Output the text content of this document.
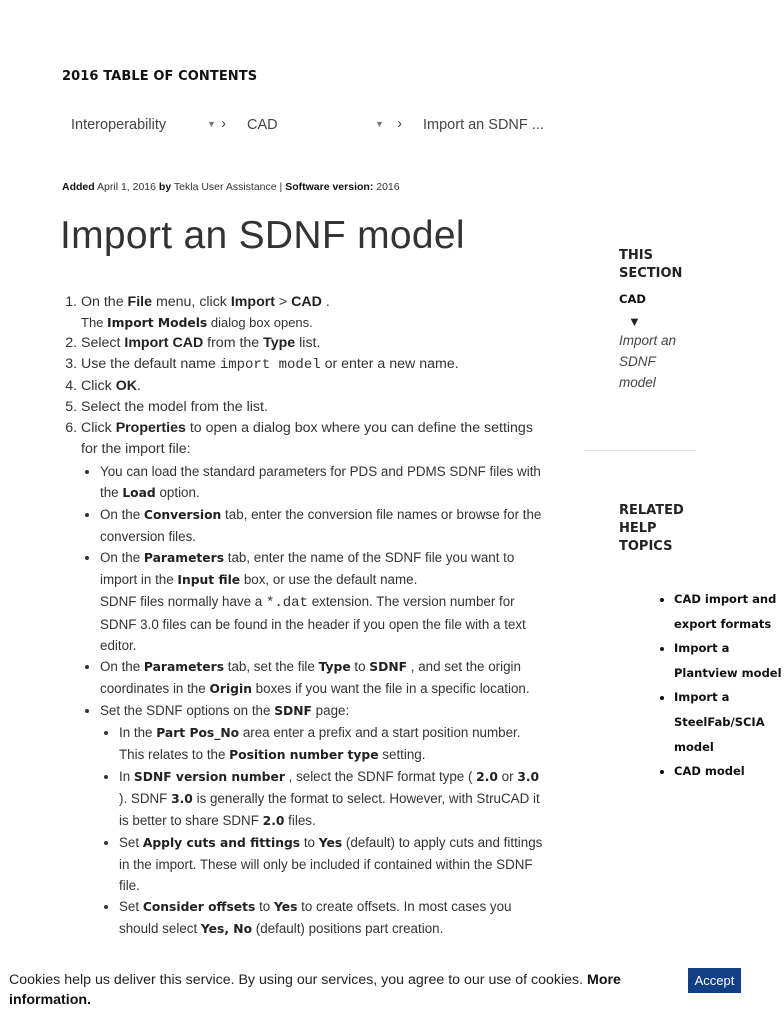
2016 TABLE OF CONTENTS
Interoperability	▼ › CAD	▼ › Import an SDNF ...
Added April 1, 2016 by Tekla User Assistance | Software version: 2016
Import an SDNF model
1. On the File menu, click Import > CAD .
The Import Models dialog box opens.
2. Select Import CAD from the Type list.
3. Use the default name import model or enter a new name.
4. Click OK.
5. Select the model from the list.
6. Click Properties to open a dialog box where you can define the settings for the import file:
• You can load the standard parameters for PDS and PDMS SDNF files with the Load option.
• On the Conversion tab, enter the conversion file names or browse for the conversion files.
• On the Parameters tab, enter the name of the SDNF file you want to import in the Input file box, or use the default name.
SDNF files normally have a *.dat extension. The version number for SDNF 3.0 files can be found in the header if you open the file with a text editor.
• On the Parameters tab, set the file Type to SDNF , and set the origin coordinates in the Origin boxes if you want the file in a specific location.
• Set the SDNF options on the SDNF page:
• In the Part Pos_No area enter a prefix and a start position number. This relates to the Position number type setting.
• In SDNF version number , select the SDNF format type ( 2.0 or 3.0 ). SDNF 3.0 is generally the format to select. However, with StruCAD it is better to share SDNF 2.0 files.
• Set Apply cuts and fittings to Yes (default) to apply cuts and fittings in the import. These will only be included if contained within the SDNF file.
• Set Consider offsets to Yes to create offsets. In most cases you should select Yes, No (default) positions part creation.
THIS SECTION
CAD
▼
Import an SDNF model
RELATED HELP TOPICS
• CAD import and export formats
• Import a Plantview model
• Import a SteelFab/SCIA model
• CAD model
Cookies help us deliver this service. By using our services, you agree to our use of cookies. More information.
Accept
